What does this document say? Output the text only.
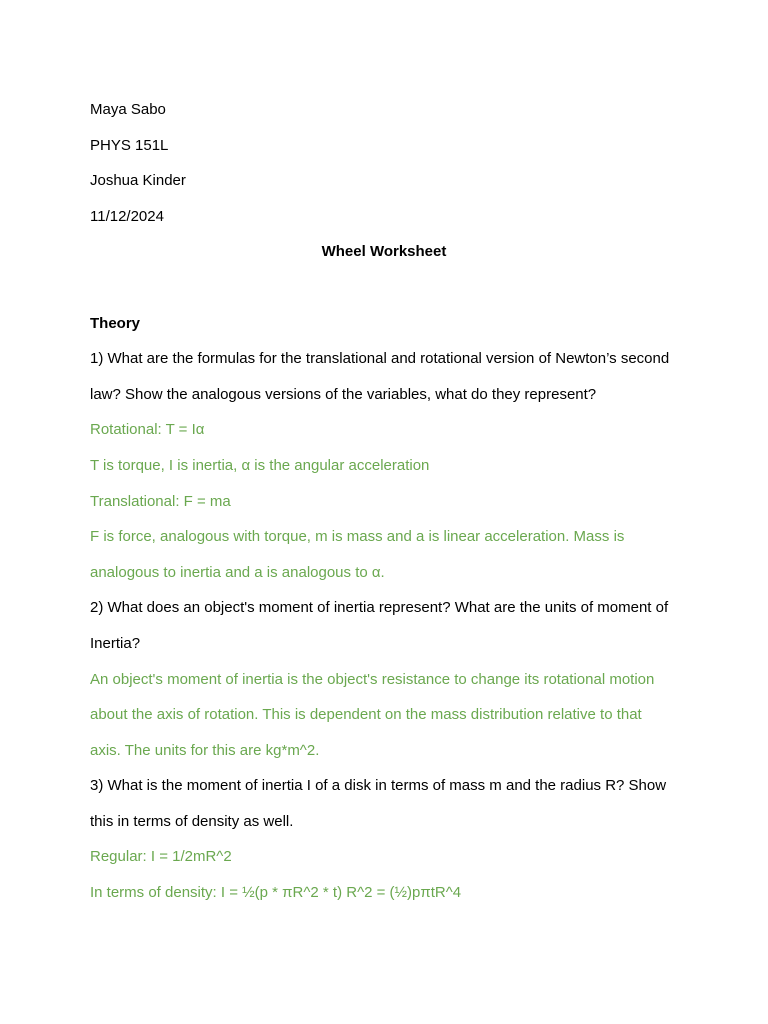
Maya Sabo

PHYS 151L

Joshua Kinder

11/12/2024

Wheel Worksheet

Theory

1) What are the formulas for the translational and rotational version of Newton’s second

law? Show the analogous versions of the variables, what do they represent?

Rotational: T = Iα

T is torque, I is inertia, α is the angular acceleration

Translational: F = ma

F is force, analogous with torque, m is mass and a is linear acceleration. Mass is

analogous to inertia and a is analogous to α.

2) What does an object's moment of inertia represent? What are the units of moment of

Inertia?

An object's moment of inertia is the object's resistance to change its rotational motion

about the axis of rotation. This is dependent on the mass distribution relative to that

axis. The units for this are kg*m^2.

3) What is the moment of inertia I of a disk in terms of mass m and the radius R? Show

this in terms of density as well.

Regular: I = 1/2mR^2

In terms of density: I = ½(p * πR^2 * t) R^2 = (½)pπtR^4
